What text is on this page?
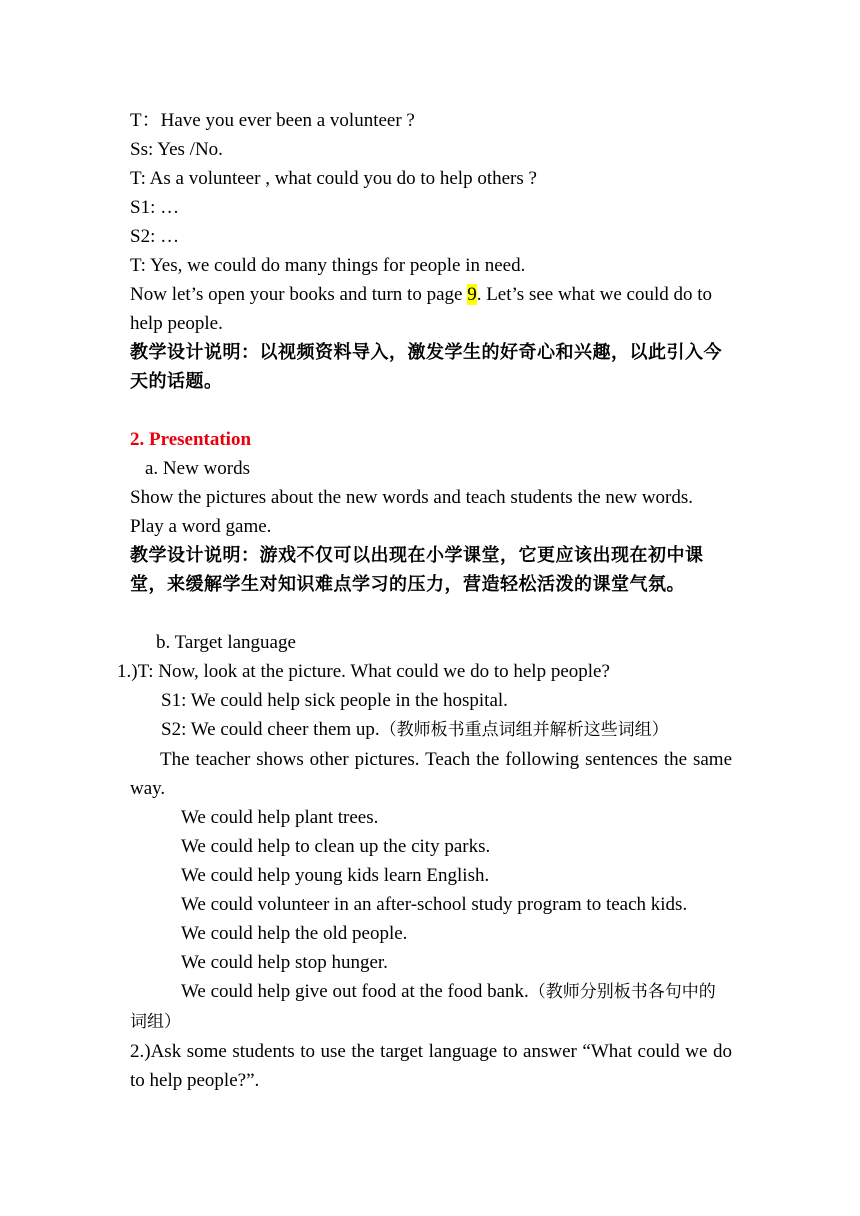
T：Have you ever been a volunteer ?

Ss: Yes /No.

T: As a volunteer , what could you do to help others ?

S1: …

S2: …

T: Yes, we could do many things for people in need.

Now let’s open your books and turn to page 9. Let’s see what we could do to help people.

教学设计说明：以视频资料导入，激发学生的好奇心和兴趣，以此引入今天的话题。

2. Presentation

a. New words

Show the pictures about the new words and teach students the new words.

Play a word game.

教学设计说明：游戏不仅可以出现在小学课堂，它更应该出现在初中课堂，来缓解学生对知识难点学习的压力，营造轻松活泼的课堂气氛。

b. Target language

1.)T: Now, look at the picture. What could we do to help people?

S1: We could help sick people in the hospital.

S2: We could cheer them up.（教师板书重点词组并解析这些词组）

The teacher shows other pictures. Teach the following sentences the same way.

We could help plant trees.

We could help to clean up the city parks.

We could help young kids learn English.

We could volunteer in an after-school study program to teach kids.

We could help the old people.

We could help stop hunger.

We could help give out food at the food bank.（教师分别板书各句中的词组）

2.)Ask some students to use the target language to answer “What could we do to help people?”.
